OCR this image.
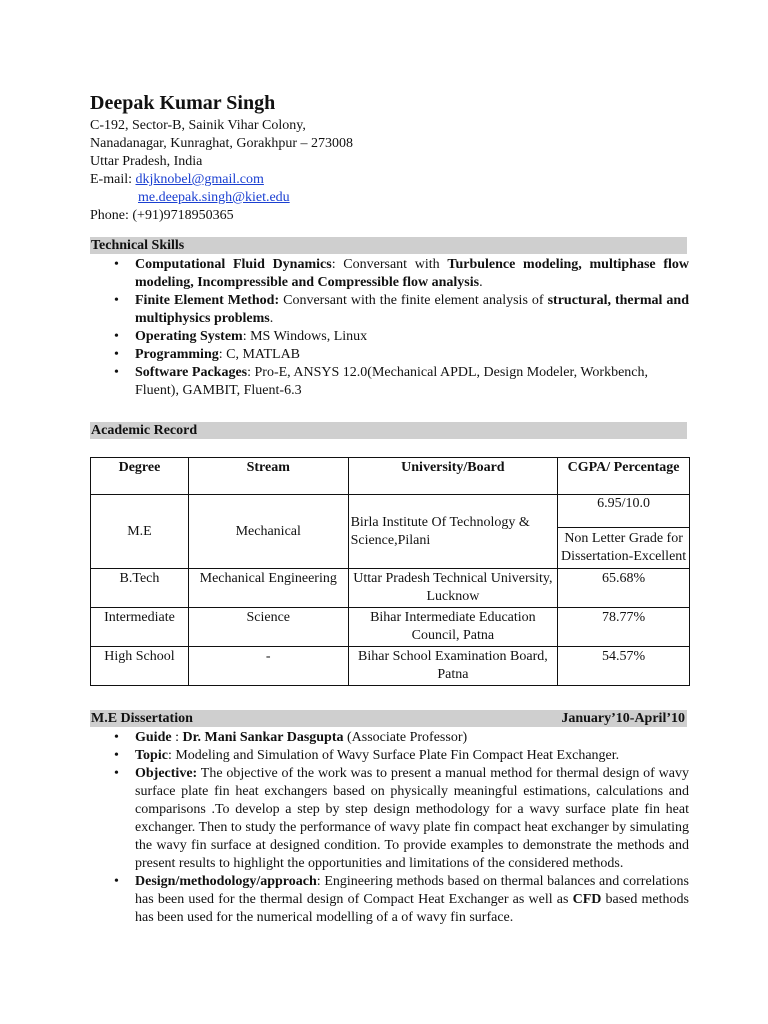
Deepak Kumar Singh
C-192, Sector-B, Sainik Vihar Colony,
Nanadanagar, Kunraghat, Gorakhpur – 273008
Uttar Pradesh, India
E-mail: dkjknobel@gmail.com
me.deepak.singh@kiet.edu
Phone: (+91)9718950365
Technical Skills
• Computational Fluid Dynamics: Conversant with Turbulence modeling, multiphase flow modeling, Incompressible and Compressible flow analysis.
• Finite Element Method: Conversant with the finite element analysis of structural, thermal and multiphysics problems.
• Operating System: MS Windows, Linux
• Programming: C, MATLAB
• Software Packages: Pro-E, ANSYS 12.0(Mechanical APDL, Design Modeler, Workbench, Fluent), GAMBIT, Fluent-6.3
Academic Record
Degree	Stream	University/Board	CGPA/ Percentage
M.E	Mechanical	Birla Institute Of Technology & Science,Pilani	6.95/10.0
Non Letter Grade for Dissertation-Excellent

B.Tech	Mechanical Engineering	Uttar Pradesh Technical University, Lucknow	65.68%
Intermediate	Science	Bihar Intermediate Education Council, Patna	78.77%
High School	-	Bihar School Examination Board, Patna	54.57%
M.E Dissertation	January’10-April’10
• Guide : Dr. Mani Sankar Dasgupta (Associate Professor)
• Topic: Modeling and Simulation of Wavy Surface Plate Fin Compact Heat Exchanger.
• Objective: The objective of the work was to present a manual method for thermal design of wavy surface plate fin heat exchangers based on physically meaningful estimations, calculations and comparisons .To develop a step by step design methodology for a wavy surface plate fin heat exchanger. Then to study the performance of wavy plate fin compact heat exchanger by simulating the wavy fin surface at designed condition. To provide examples to demonstrate the methods and present results to highlight the opportunities and limitations of the considered methods.
• Design/methodology/approach: Engineering methods based on thermal balances and correlations has been used for the thermal design of Compact Heat Exchanger as well as CFD based methods has been used for the numerical modelling of a of wavy fin surface.
